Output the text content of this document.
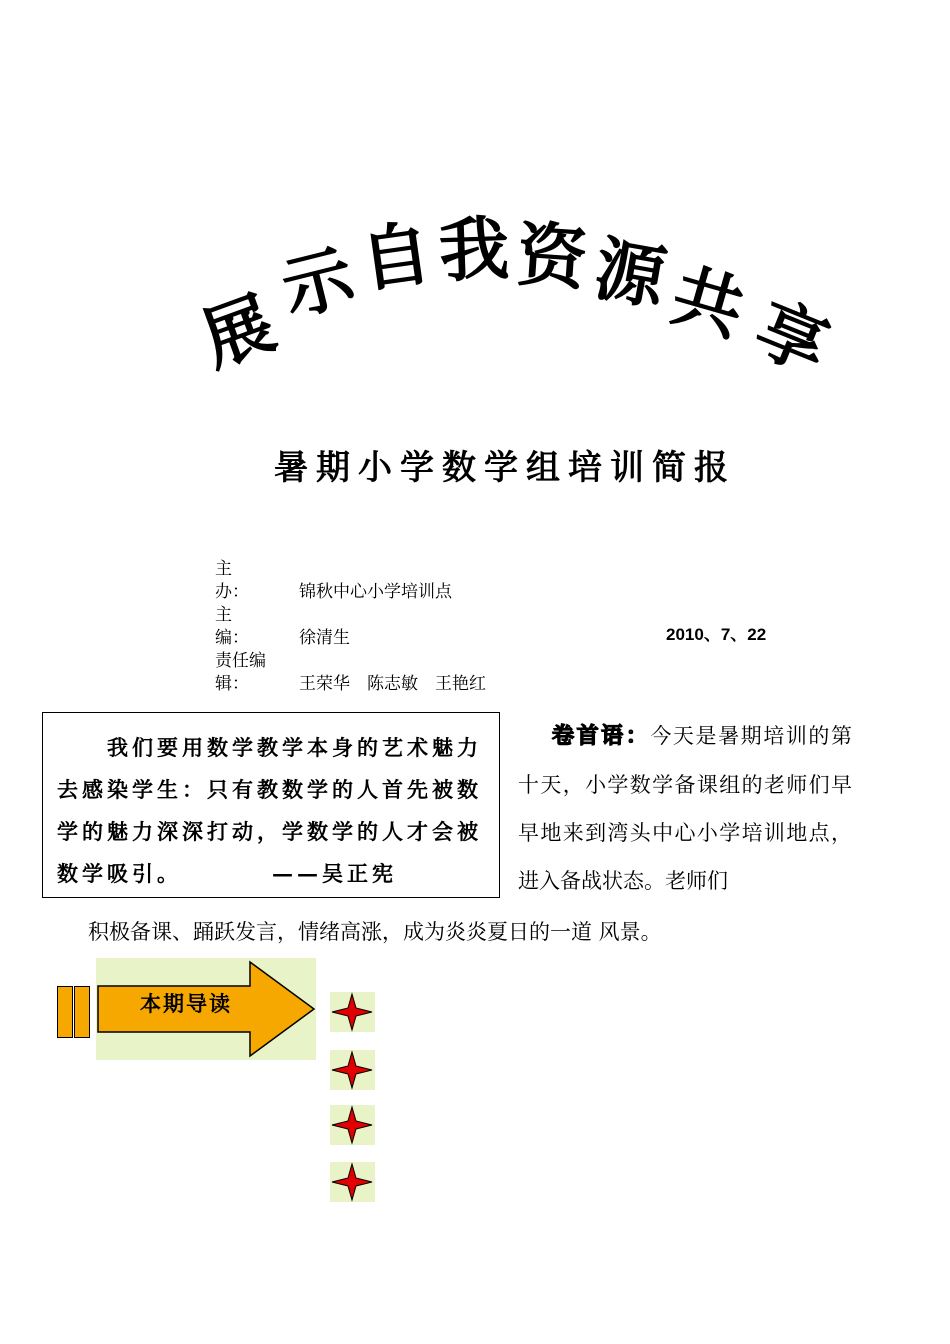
展
示
自 我 资
源
共
享
暑期小学数学组培训简报
主　　办：	锦秋中心小学培训点
主　　编：	徐清生
责任编辑：	王荣华　陈志敏　王艳红
2010、7、22
我们要用数学教学本身的艺术魅力去感染学生：只有教数学的人首先被数学的魅力深深打动，学数学的人才会被数学吸引。	——吴正宪
卷首语：今天是暑期培训的第十天，小学数学备课组的老师们早早地来到湾头中心小学培训地点，进入备战状态。老师们
积极备课、踊跃发言，情绪高涨，成为炎炎夏日的一道 风景。
本期导读
